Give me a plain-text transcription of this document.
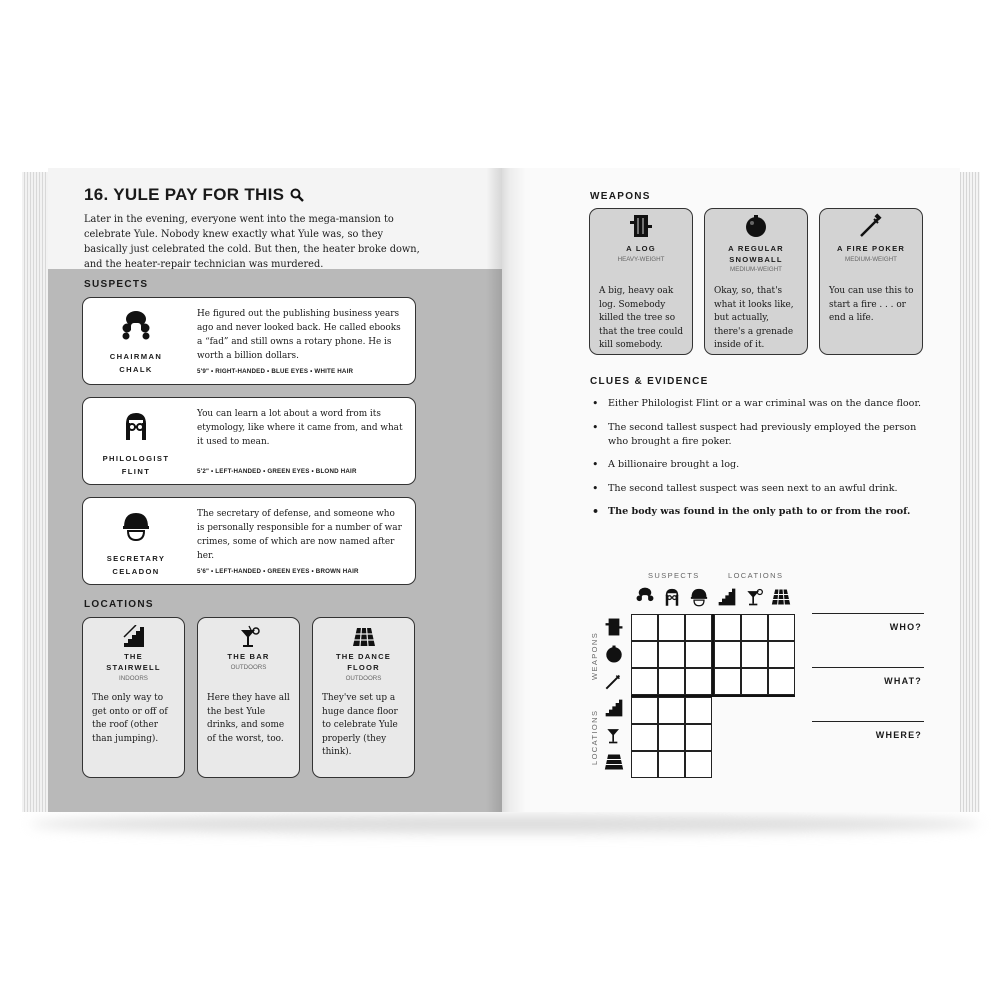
16. YULE PAY FOR THIS
Later in the evening, everyone went into the mega-mansion to celebrate Yule. Nobody knew exactly what Yule was, so they basically just celebrated the cold. But then, the heater broke down, and the heater-repair technician was murdered.
SUSPECTS
CHAIRMAN
CHALK
He figured out the publishing business years ago and never looked back. He called ebooks a “fad” and still owns a rotary phone. He is worth a billion dollars.
5'9" • RIGHT-HANDED • BLUE EYES • WHITE HAIR
PHILOLOGIST
FLINT
You can learn a lot about a word from its etymology, like where it came from, and what it used to mean.
5'2" • LEFT-HANDED • GREEN EYES • BLOND HAIR
SECRETARY
CELADON
The secretary of defense, and someone who is personally responsible for a number of war crimes, some of which are now named after her.
5'6" • LEFT-HANDED • GREEN EYES • BROWN HAIR
LOCATIONS
THE
STAIRWELL
INDOORS
The only way to get onto or off of the roof (other than jumping).
THE BAR
OUTDOORS
Here they have all the best Yule drinks, and some of the worst, too.
THE DANCE
FLOOR
OUTDOORS
They've set up a huge dance floor to celebrate Yule properly (they think).
WEAPONS
A LOG
HEAVY-WEIGHT
A big, heavy oak log. Somebody killed the tree so that the tree could kill somebody.
A REGULAR
SNOWBALL
MEDIUM-WEIGHT
Okay, so, that's what it looks like, but actually, there's a grenade inside of it.
A FIRE POKER
MEDIUM-WEIGHT
You can use this to start a fire . . . or end a life.
CLUES & EVIDENCE
• Either Philologist Flint or a war criminal was on the dance floor.
• The second tallest suspect had previously employed the person who brought a fire poker.
• A billionaire brought a log.
• The second tallest suspect was seen next to an awful drink.
• The body was found in the only path to or from the roof.
SUSPECTS	LOCATIONS
WEAPONS
LOCATIONS
WHO?
WHAT?
WHERE?
